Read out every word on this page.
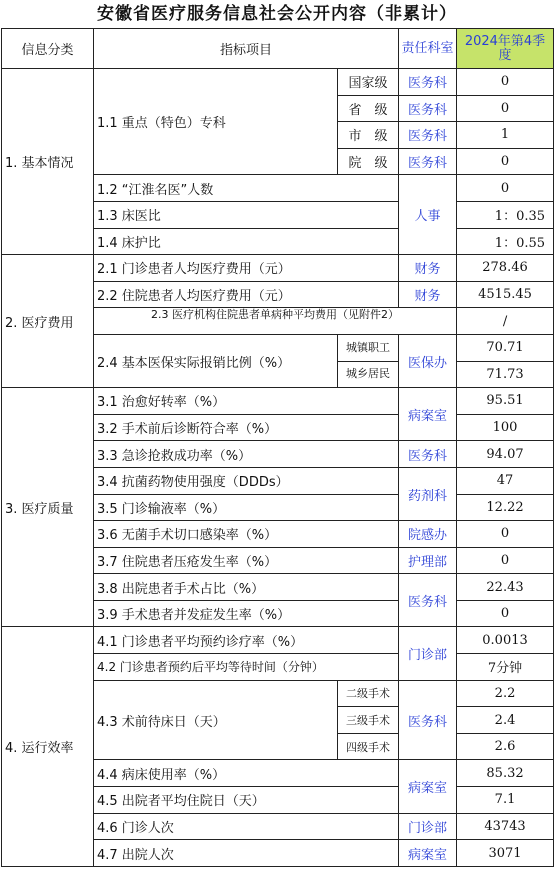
安徽省医疗服务信息社会公开内容（非累计）
信息分类	指标项目		责任科室	2024年第4季度
1. 基本情况	1.1 重点（特色）专科	国家级	医务科	0
		省　级	医务科	0
		市　级	医务科	1
		院　级	医务科	0
	1.2 “江淮名医”人数		人事	0
	1.3 床医比			1：0.35
	1.4 床护比			1：0.55
2. 医疗费用	2.1 门诊患者人均医疗费用（元）		财务	278.46
	2.2 住院患者人均医疗费用（元）		财务	4515.45
	2.3 医疗机构住院患者单病种平均费用（见附件2）			/
	2.4 基本医保实际报销比例（%）	城镇职工	医保办	70.71
		城乡居民		71.73
3. 医疗质量	3.1 治愈好转率（%）		病案室	95.51
	3.2 手术前后诊断符合率（%）			100
	3.3 急诊抢救成功率（%）		医务科	94.07
	3.4 抗菌药物使用强度（DDDs）		药剂科	47
	3.5 门诊输液率（%）			12.22
	3.6 无菌手术切口感染率（%）		院感办	0
	3.7 住院患者压疮发生率（%）		护理部	0
	3.8 出院患者手术占比（%）		医务科	22.43
	3.9 手术患者并发症发生率（%）			0
4. 运行效率	4.1 门诊患者平均预约诊疗率（%）		门诊部	0.0013
	4.2 门诊患者预约后平均等待时间（分钟）			7分钟
	4.3 术前待床日（天）	二级手术	医务科	2.2
		三级手术		2.4
		四级手术		2.6
	4.4 病床使用率（%）		病案室	85.32
	4.5 出院者平均住院日（天）			7.1
	4.6 门诊人次		门诊部	43743
	4.7 出院人次		病案室	3071
